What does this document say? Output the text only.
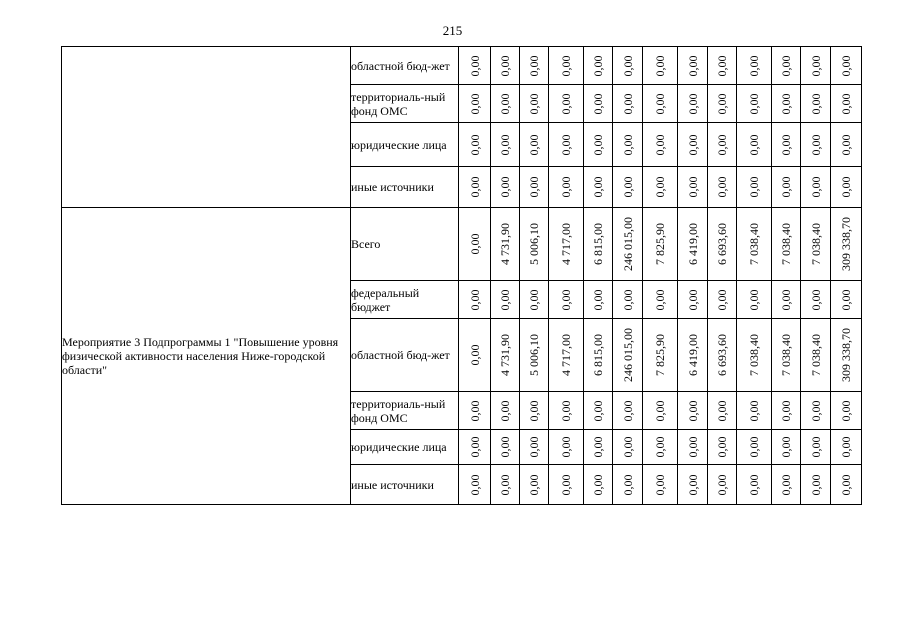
215
	областной бюд-жет	0,00	0,00	0,00	0,00	0,00	0,00	0,00	0,00	0,00	0,00	0,00	0,00	0,00

	территориаль-ный фонд ОМС	0,00	0,00	0,00	0,00	0,00	0,00	0,00	0,00	0,00	0,00	0,00	0,00	0,00

	юридические лица	0,00	0,00	0,00	0,00	0,00	0,00	0,00	0,00	0,00	0,00	0,00	0,00	0,00

	иные источники	0,00	0,00	0,00	0,00	0,00	0,00	0,00	0,00	0,00	0,00	0,00	0,00	0,00

Мероприятие 3 Подпрограммы 1 "Повышение уровня физической активности населения Ниже-городской области"	Всего	0,00	4 731,90	5 006,10	4 717,00	6 815,00	246 015,00	7 825,90	6 419,00	6 693,60	7 038,40	7 038,40	7 038,40	309 338,70

	федеральный бюджет	0,00	0,00	0,00	0,00	0,00	0,00	0,00	0,00	0,00	0,00	0,00	0,00	0,00

	областной бюд-жет	0,00	4 731,90	5 006,10	4 717,00	6 815,00	246 015,00	7 825,90	6 419,00	6 693,60	7 038,40	7 038,40	7 038,40	309 338,70

	территориаль-ный фонд ОМС	0,00	0,00	0,00	0,00	0,00	0,00	0,00	0,00	0,00	0,00	0,00	0,00	0,00

	юридические лица	0,00	0,00	0,00	0,00	0,00	0,00	0,00	0,00	0,00	0,00	0,00	0,00	0,00

	иные источники	0,00	0,00	0,00	0,00	0,00	0,00	0,00	0,00	0,00	0,00	0,00	0,00	0,00
